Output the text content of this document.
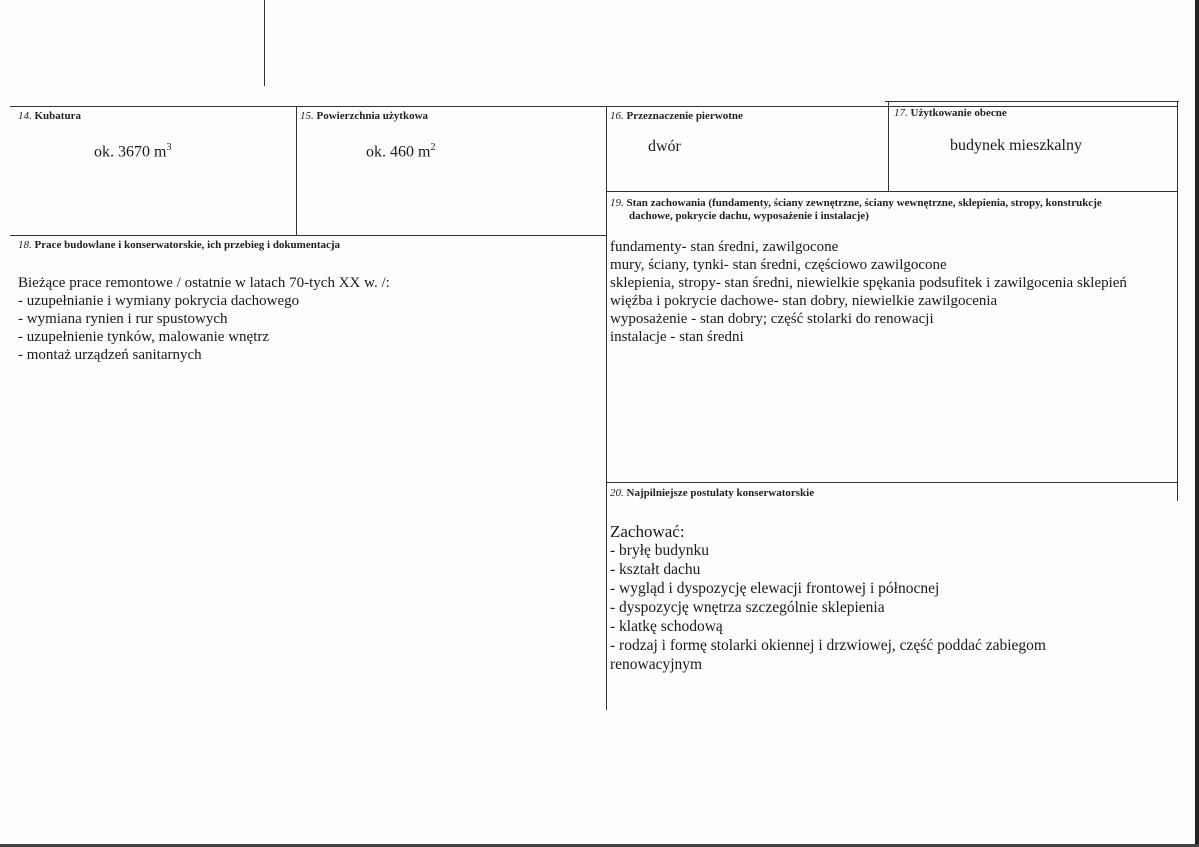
14. Kubatura
ok. 3670 $m^3$
15. Powierzchnia użytkowa
ok. 460 $m^2$
16. Przeznaczenie pierwotne
dwór
17. Użytkowanie obecne
budynek mieszkalny
19. Stan zachowania (fundamenty, ściany zewnętrzne, ściany wewnętrzne, sklepienia, stropy, konstrukcje
dachowe, pokrycie dachu, wyposażenie i instalacje)
fundamenty- stan średni, zawilgocone
mury, ściany, tynki- stan średni, częściowo zawilgocone
sklepienia, stropy- stan średni, niewielkie spękania podsufitek i zawilgocenia sklepień
więźba i pokrycie dachowe- stan dobry, niewielkie zawilgocenia
wyposażenie - stan dobry; część stolarki do renowacji
instalacje - stan średni
18. Prace budowlane i konserwatorskie, ich przebieg i dokumentacja
Bieżące prace remontowe / ostatnie w latach 70-tych XX w. /:
- uzupełnianie i wymiany pokrycia dachowego
- wymiana rynien i rur spustowych
- uzupełnienie tynków, malowanie wnętrz
- montaż urządzeń sanitarnych
20. Najpilniejsze postulaty konserwatorskie
Zachować:
- bryłę budynku
- kształt dachu
- wygląd i dyspozycję elewacji frontowej i północnej
- dyspozycję wnętrza szczególnie sklepienia
- klatkę schodową
- rodzaj i formę stolarki okiennej i drzwiowej, część poddać zabiegom
renowacyjnym
